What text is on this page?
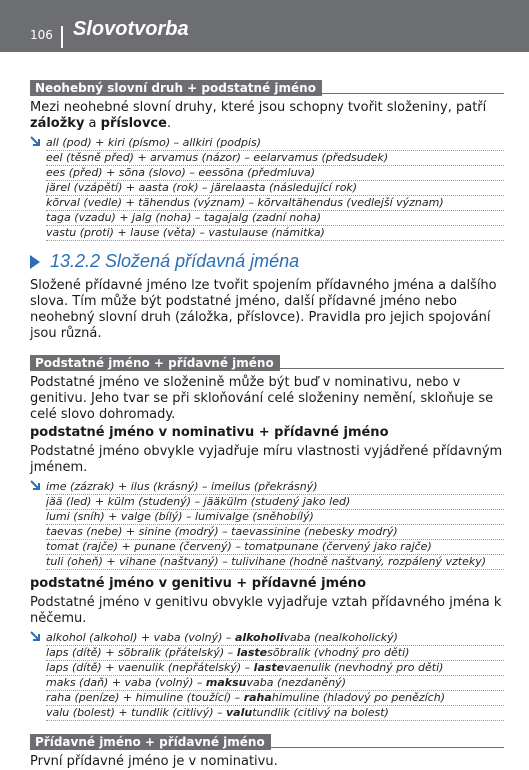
106 Slovotvorba
Neohebný slovní druh + podstatné jméno

Mezi neohebné slovní druhy, které jsou schopny tvořit složeniny, patří záložky a příslovce.

all (pod) + kiri (písmo) – allkiri (podpis)
eel (těsně před) + arvamus (názor) – eelarvamus (předsudek)
ees (před) + sõna (slovo) – eessõna (předmluva)
järel (vzápětí) + aasta (rok) – järelaasta (následující rok)
kõrval (vedle) + tähendus (význam) – kõrvaltähendus (vedlejší význam)
taga (vzadu) + jalg (noha) – tagajalg (zadní noha)
vastu (proti) + lause (věta) – vastulause (námitka)
13.2.2 Složená přídavná jména

Složené přídavné jméno lze tvořit spojením přídavného jména a dalšího slova. Tím může být podstatné jméno, další přídavné jméno nebo neohebný slovní druh (záložka, příslovce). Pravidla pro jejich spojování jsou různá.

Podstatné jméno + přídavné jméno

Podstatné jméno ve složenině může být buď v nominativu, nebo v genitivu. Jeho tvar se při skloňování celé složeniny nemění, skloňuje se celé slovo dohromady.

podstatné jméno v nominativu + přídavné jméno

Podstatné jméno obvykle vyjadřuje míru vlastnosti vyjádřené přídavným jménem.

ime (zázrak) + ilus (krásný) – imeilus (překrásný)
jää (led) + külm (studený) – jääkülm (studený jako led)
lumi (sníh) + valge (bílý) – lumivalge (sněhobílý)
taevas (nebe) + sinine (modrý) – taevassinine (nebesky modrý)
tomat (rajče) + punane (červený) – tomatpunane (červený jako rajče)
tuli (oheň) + vihane (naštvaný) – tulivihane (hodně naštvaný, rozpálený vzteky)
podstatné jméno v genitivu + přídavné jméno

Podstatné jméno v genitivu obvykle vyjadřuje vztah přídavného jména k něčemu.

alkohol (alkohol) + vaba (volný) – alkoholivaba (nealkoholický)
laps (dítě) + sõbralik (přátelský) – lastesõbralik (vhodný pro děti)
laps (dítě) + vaenulik (nepřátelský) – lastevaenulik (nevhodný pro děti)
maks (daň) + vaba (volný) – maksuvaba (nezdaněný)
raha (peníze) + himuline (toužící) – rahahimuline (hladový po penězích)
valu (bolest) + tundlik (citlivý) – valutundlik (citlivý na bolest)
Přídavné jméno + přídavné jméno

První přídavné jméno je v nominativu.
